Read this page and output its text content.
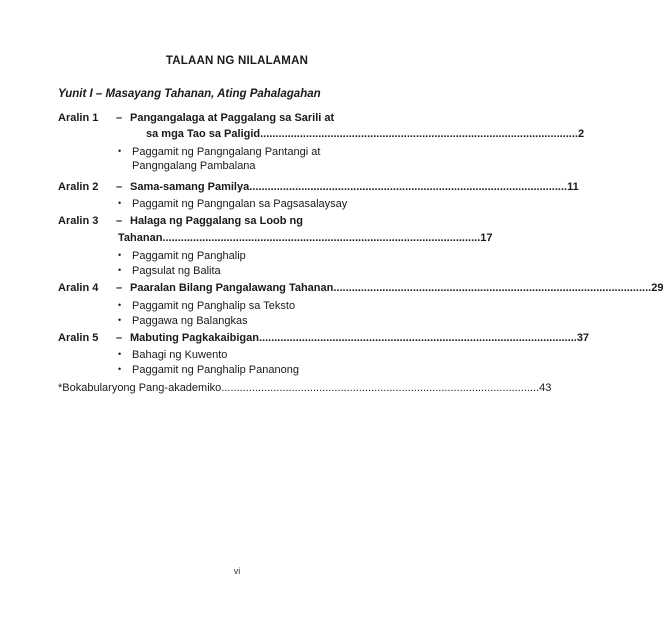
TALAAN NG NILALAMAN
Yunit I – Masayang Tahanan, Ating Pahalagahan
Aralin 1 – Pangangalaga at Paggalang sa Sarili at
sa mga Tao sa Paligid ........................................................................................................ 2
• Paggamit ng Pangngalang Pantangi at
Pangngalang Pambalana
Aralin 2 – Sama-samang Pamilya ........................................................................................................ 11
• Paggamit ng Pangngalan sa Pagsasalaysay
Aralin 3 – Halaga ng Paggalang sa Loob ng
Tahanan ........................................................................................................ 17
• Paggamit ng Panghalip
• Pagsulat ng Balita
Aralin 4 – Paaralan Bilang Pangalawang Tahanan ........................................................................................................ 29
• Paggamit ng Panghalip sa Teksto
• Paggawa ng Balangkas
Aralin 5 – Mabuting Pagkakaibigan ........................................................................................................ 37
• Bahagi ng Kuwento
• Paggamit ng Panghalip Pananong
*Bokabularyong Pang-akademiko ........................................................................................................ 43
vi
